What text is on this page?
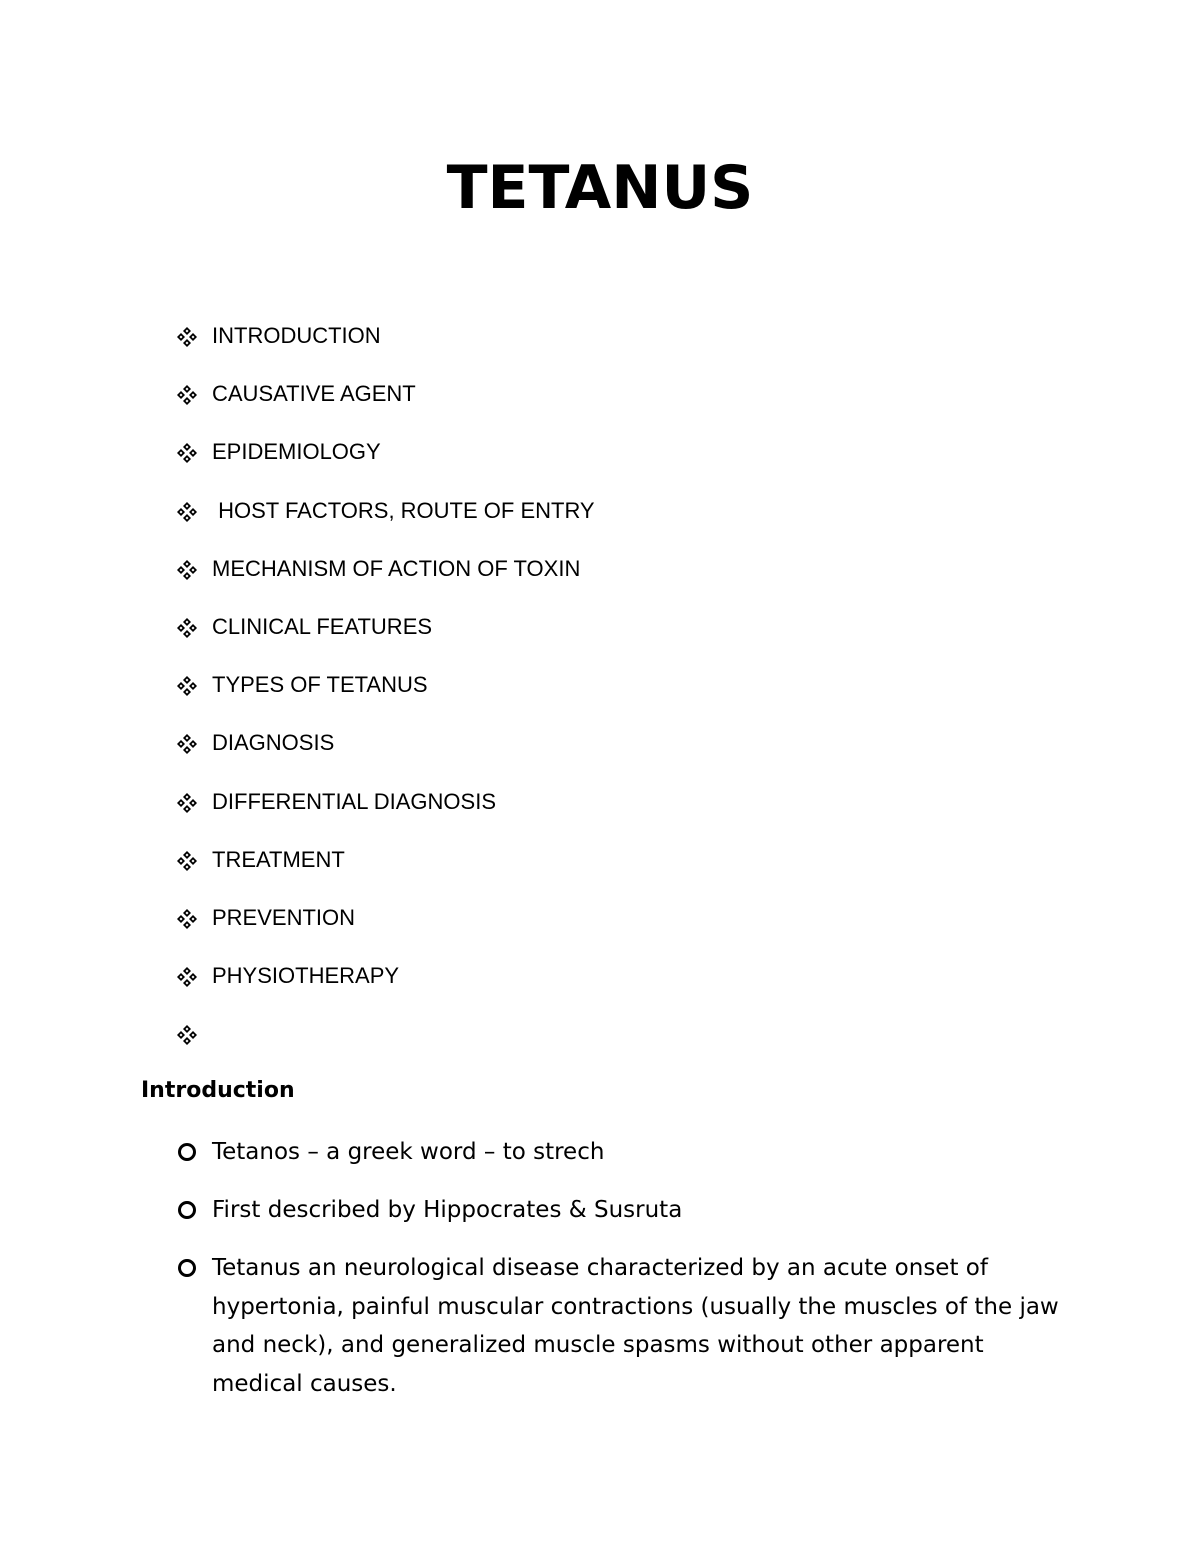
TETANUS
INTRODUCTION
CAUSATIVE AGENT
EPIDEMIOLOGY
HOST FACTORS, ROUTE OF ENTRY
MECHANISM OF ACTION OF TOXIN
CLINICAL FEATURES
TYPES OF TETANUS
DIAGNOSIS
DIFFERENTIAL DIAGNOSIS
TREATMENT
PREVENTION
PHYSIOTHERAPY
Introduction
Tetanos – a greek word – to strech
First described by Hippocrates & Susruta
Tetanus an neurological disease characterized by an acute onset of hypertonia, painful muscular contractions (usually the muscles of the jaw and neck), and generalized muscle spasms without other apparent medical causes.
